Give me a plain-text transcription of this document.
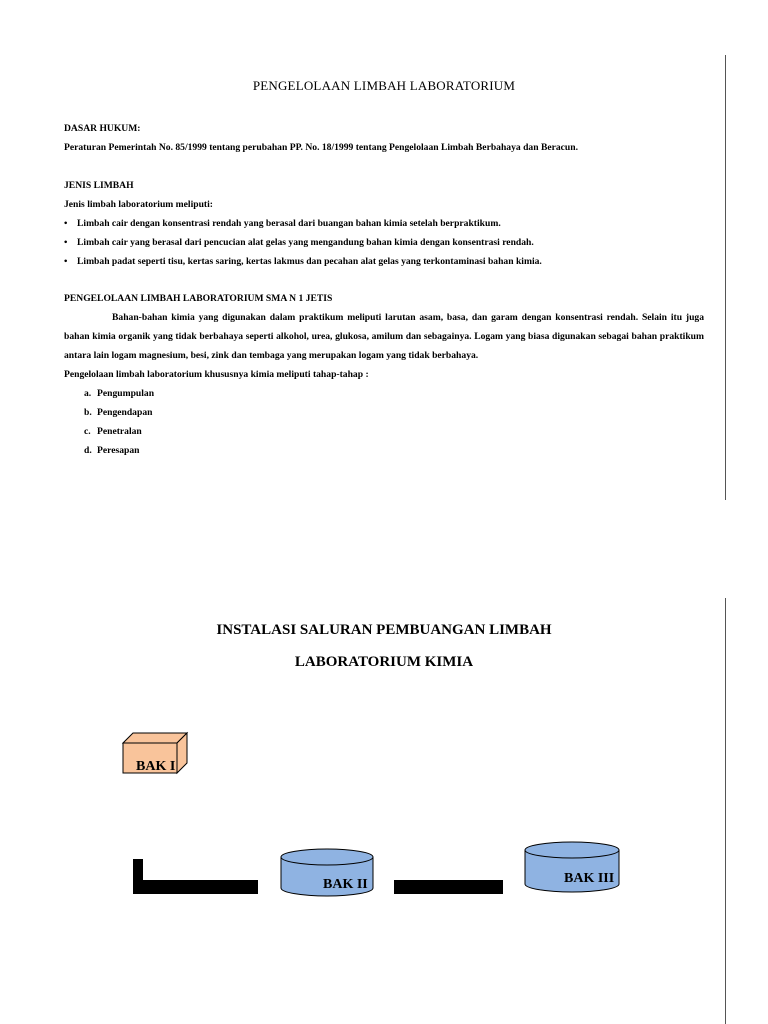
PENGELOLAAN LIMBAH LABORATORIUM
DASAR HUKUM:
Peraturan Pemerintah No. 85/1999 tentang perubahan PP. No. 18/1999 tentang Pengelolaan Limbah Berbahaya dan Beracun.
JENIS LIMBAH
Jenis limbah laboratorium meliputi:
• Limbah cair dengan konsentrasi rendah yang berasal dari buangan bahan kimia setelah berpraktikum.
• Limbah cair yang berasal dari pencucian alat gelas yang mengandung bahan kimia dengan konsentrasi rendah.
• Limbah padat seperti tisu, kertas saring, kertas lakmus dan pecahan alat gelas yang terkontaminasi bahan kimia.
PENGELOLAAN LIMBAH LABORATORIUM SMA N 1 JETIS

Bahan-bahan kimia yang digunakan dalam praktikum meliputi larutan asam, basa, dan garam dengan konsentrasi rendah. Selain itu juga bahan kimia organik yang tidak berbahaya seperti alkohol, urea, glukosa, amilum dan sebagainya. Logam yang biasa digunakan sebagai bahan praktikum antara lain logam magnesium, besi, zink dan tembaga yang merupakan logam yang tidak berbahaya.

Pengelolaan limbah laboratorium khususnya kimia meliputi tahap-tahap :
a. Pengumpulan
b. Pengendapan
c. Penetralan
d. Peresapan
INSTALASI SALURAN PEMBUANGAN LIMBAH
LABORATORIUM KIMIA
BAK I
BAK II	BAK III
